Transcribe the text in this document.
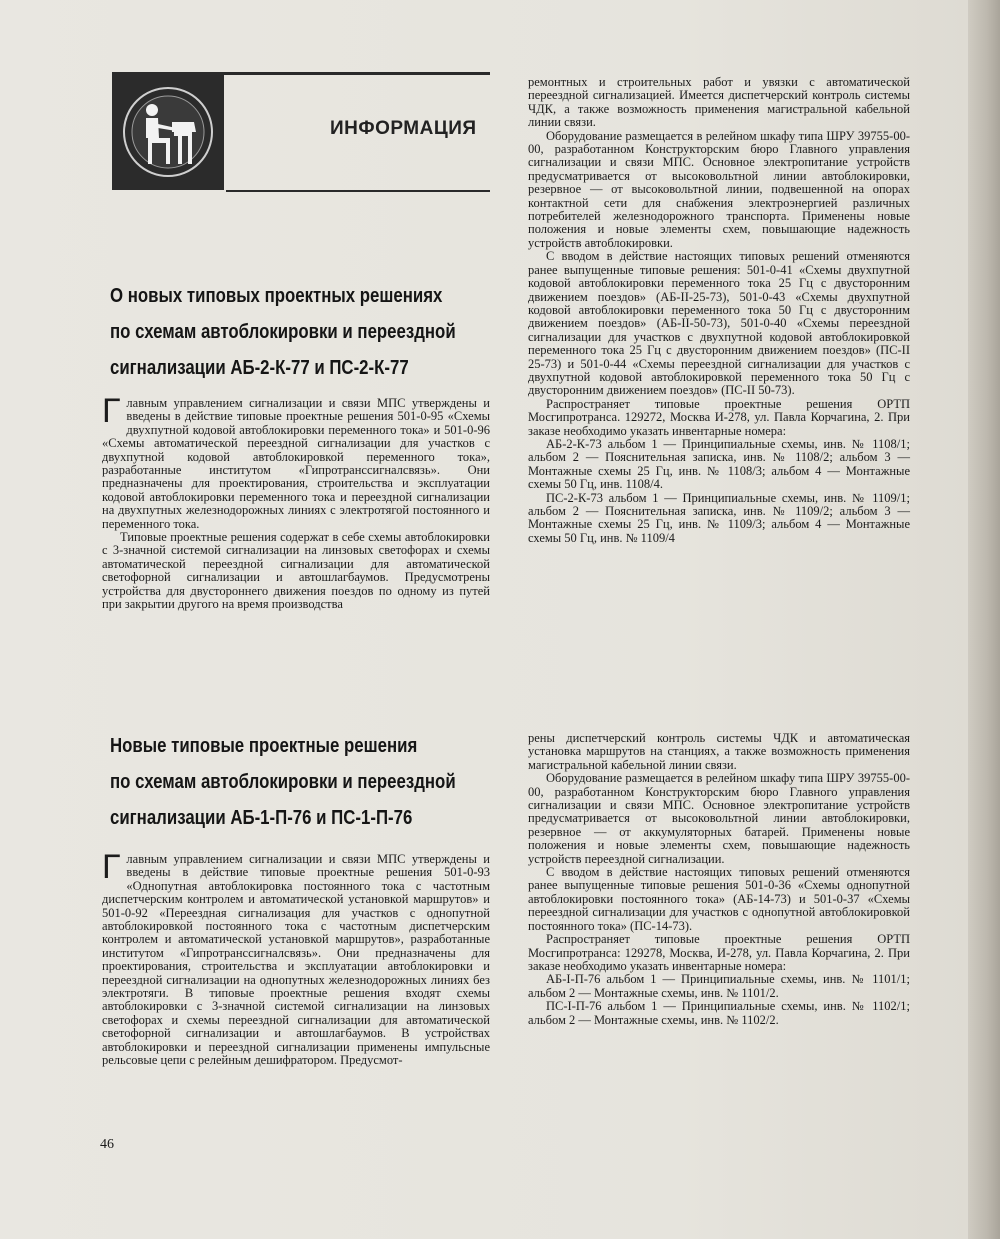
ИНФОРМАЦИЯ
О новых типовых проектных решениях
по схемам автоблокировки и переездной
сигнализации АБ-2-К-77 и ПС-2-К-77

Главным управлением сигнализации и связи МПС утверждены и введены в действие типовые проектные решения 501-0-95 «Схемы двухпутной кодовой автоблокировки переменного тока» и 501-0-96 «Схемы автоматической переездной сигнализации для участков с двухпутной кодовой автоблокировкой переменного тока», разработанные институтом «Гипротранссигналсвязь». Они предназначены для проектирования, строительства и эксплуатации кодовой автоблокировки переменного тока и переездной сигнализации на двухпутных железнодорожных линиях с электротягой постоянного и переменного тока.

Типовые проектные решения содержат в себе схемы автоблокировки с 3-значной системой сигнализации на линзовых светофорах и схемы автоматической переездной сигнализации для автоматической светофорной сигнализации и автошлагбаумов. Предусмотрены устройства для двустороннего движения поездов по одному из путей при закрытии другого на время производства

ремонтных и строительных работ и увязки с автоматической переездной сигнализацией. Имеется диспетчерский контроль системы ЧДК, а также возможность применения магистральной кабельной линии связи.

Оборудование размещается в релейном шкафу типа ШРУ 39755-00-00, разработанном Конструкторским бюро Главного управления сигнализации и связи МПС. Основное электропитание устройств предусматривается от высоковольтной линии автоблокировки, резервное — от высоковольтной линии, подвешенной на опорах контактной сети для снабжения электроэнергией различных потребителей железнодорожного транспорта. Применены новые положения и новые элементы схем, повышающие надежность устройств автоблокировки.

С вводом в действие настоящих типовых решений отменяются ранее выпущенные типовые решения: 501-0-41 «Схемы двухпутной кодовой автоблокировки переменного тока 25 Гц с двусторонним движением поездов» (АБ-II-25-73), 501-0-43 «Схемы двухпутной кодовой автоблокировки переменного тока 50 Гц с двусторонним движением поездов» (АБ-II-50-73), 501-0-40 «Схемы переездной сигнализации для участков с двухпутной кодовой автоблокировкой переменного тока 25 Гц с двусторонним движением поездов» (ПС-II 25-73) и 501-0-44 «Схемы переездной сигнализации для участков с двухпутной кодовой автоблокировкой переменного тока 50 Гц с двусторонним движением поездов» (ПС-II 50-73).

Распространяет типовые проектные решения ОРТП Мосгипротранса. 129272, Москва И-278, ул. Павла Корчагина, 2. При заказе необходимо указать инвентарные номера:

АБ-2-К-73 альбом 1 — Принципиальные схемы, инв. № 1108/1; альбом 2 — Пояснительная записка, инв. № 1108/2; альбом 3 — Монтажные схемы 25 Гц, инв. № 1108/3; альбом 4 — Монтажные схемы 50 Гц, инв. 1108/4.

ПС-2-К-73 альбом 1 — Принципиальные схемы, инв. № 1109/1; альбом 2 — Пояснительная записка, инв. № 1109/2; альбом 3 — Монтажные схемы 25 Гц, инв. № 1109/3; альбом 4 — Монтажные схемы 50 Гц, инв. № 1109/4

Новые типовые проектные решения
по схемам автоблокировки и переездной
сигнализации АБ-1-П-76 и ПС-1-П-76

Главным управлением сигнализации и связи МПС утверждены и введены в действие типовые проектные решения 501-0-93 «Однопутная автоблокировка постоянного тока с частотным диспетчерским контролем и автоматической установкой маршрутов» и 501-0-92 «Переездная сигнализация для участков с однопутной автоблокировкой постоянного тока с частотным диспетчерским контролем и автоматической установкой маршрутов», разработанные институтом «Гипротранссигналсвязь». Они предназначены для проектирования, строительства и эксплуатации автоблокировки и переездной сигнализации на однопутных железнодорожных линиях без электротяги. В типовые проектные решения входят схемы автоблокировки с 3-значной системой сигнализации на линзовых светофорах и схемы переездной сигнализации для автоматической светофорной сигнализации и автошлагбаумов. В устройствах автоблокировки и переездной сигнализации применены импульсные рельсовые цепи с релейным дешифратором. Предусмот-

рены диспетчерский контроль системы ЧДК и автоматическая установка маршрутов на станциях, а также возможность применения магистральной кабельной линии связи.

Оборудование размещается в релейном шкафу типа ШРУ 39755-00-00, разработанном Конструкторским бюро Главного управления сигнализации и связи МПС. Основное электропитание устройств предусматривается от высоковольтной линии автоблокировки, резервное — от аккумуляторных батарей. Применены новые положения и новые элементы схем, повышающие надежность устройств переездной сигнализации.

С вводом в действие настоящих типовых решений отменяются ранее выпущенные типовые решения 501-0-36 «Схемы однопутной автоблокировки постоянного тока» (АБ-14-73) и 501-0-37 «Схемы переездной сигнализации для участков с однопутной автоблокировкой постоянного тока» (ПС-14-73).

Распространяет типовые проектные решения ОРТП Мосгипротранса: 129278, Москва, И-278, ул. Павла Корчагина, 2. При заказе необходимо указать инвентарные номера:

АБ-I-П-76 альбом 1 — Принципиальные схемы, инв. № 1101/1; альбом 2 — Монтажные схемы, инв. № 1101/2.

ПС-I-П-76 альбом 1 — Принципиальные схемы, инв. № 1102/1; альбом 2 — Монтажные схемы, инв. № 1102/2.

46
